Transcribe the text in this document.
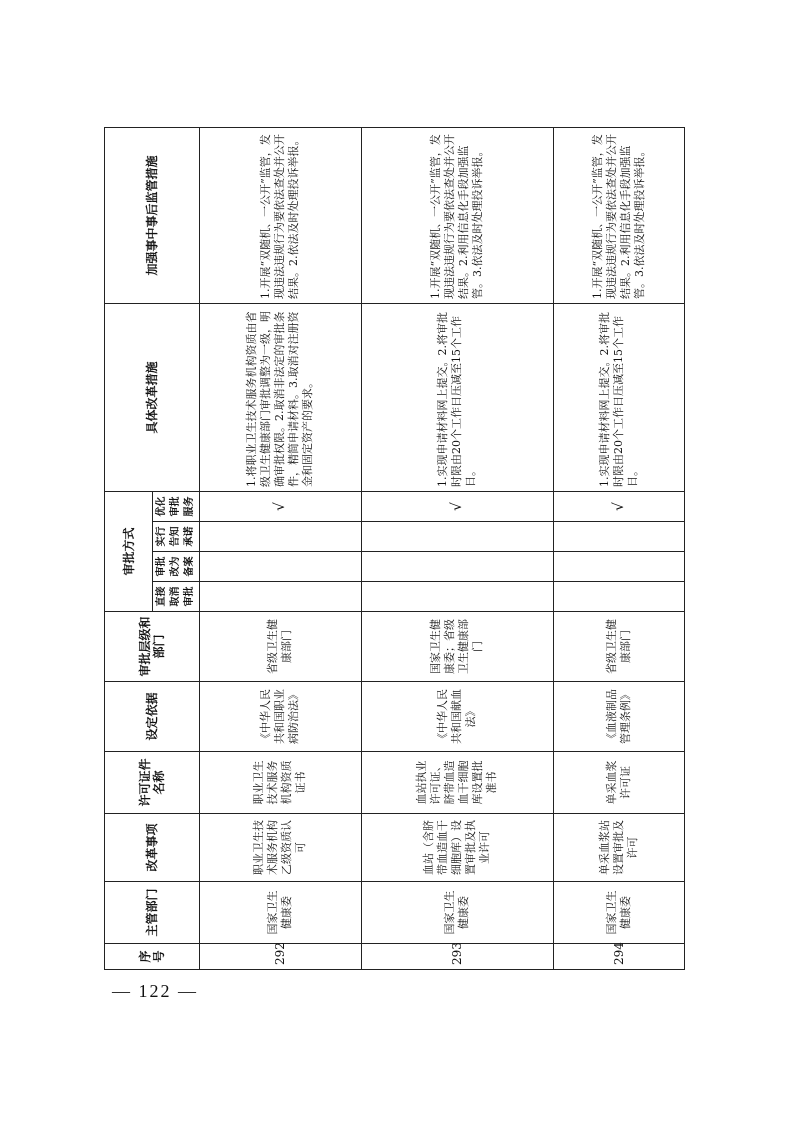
序号	主管部门	改革事项	许可证件名称	设定依据	审批层级和部门	审批方式				具体改革措施	加强事中事后监管措施
						直接取消审批	审批改为备案	实行告知承诺	优化审批服务		
292	国家卫生健康委	职业卫生技术服务机构乙级资质认可	职业卫生技术服务机构资质证书	《中华人民共和国职业病防治法》	省级卫生健康部门				√	1.将职业卫生技术服务机构资质由省级卫生健康部门审批调整为一级，明确审批权限。2.取消非法定的审批条件，精简申请材料。3.取消对注册资金和固定资产的要求。	1.开展“双随机、一公开”监管，发现违法违规行为要依法查处并公开结果。2.依法及时处理投诉举报。
293	国家卫生健康委	血站（含脐带血造血干细胞库）设置审批及执业许可	血站执业许可证、脐带血造血干细胞库设置批准书	《中华人民共和国献血法》	国家卫生健康委；省级卫生健康部门				√	1.实现申请材料网上提交。2.将审批时限由20个工作日压减至15个工作日。	1.开展“双随机、一公开”监管，发现违法违规行为要依法查处并公开结果。2.利用信息化手段加强监管。3.依法及时处理投诉举报。
294	国家卫生健康委	单采血浆站设置审批及许可	单采血浆许可证	《血液制品管理条例》	省级卫生健康部门				√	1.实现申请材料网上提交。2.将审批时限由20个工作日压减至15个工作日。	1.开展“双随机、一公开”监管，发现违法违规行为要依法查处并公开结果。2.利用信息化手段加强监管。3.依法及时处理投诉举报。
— 122 —
